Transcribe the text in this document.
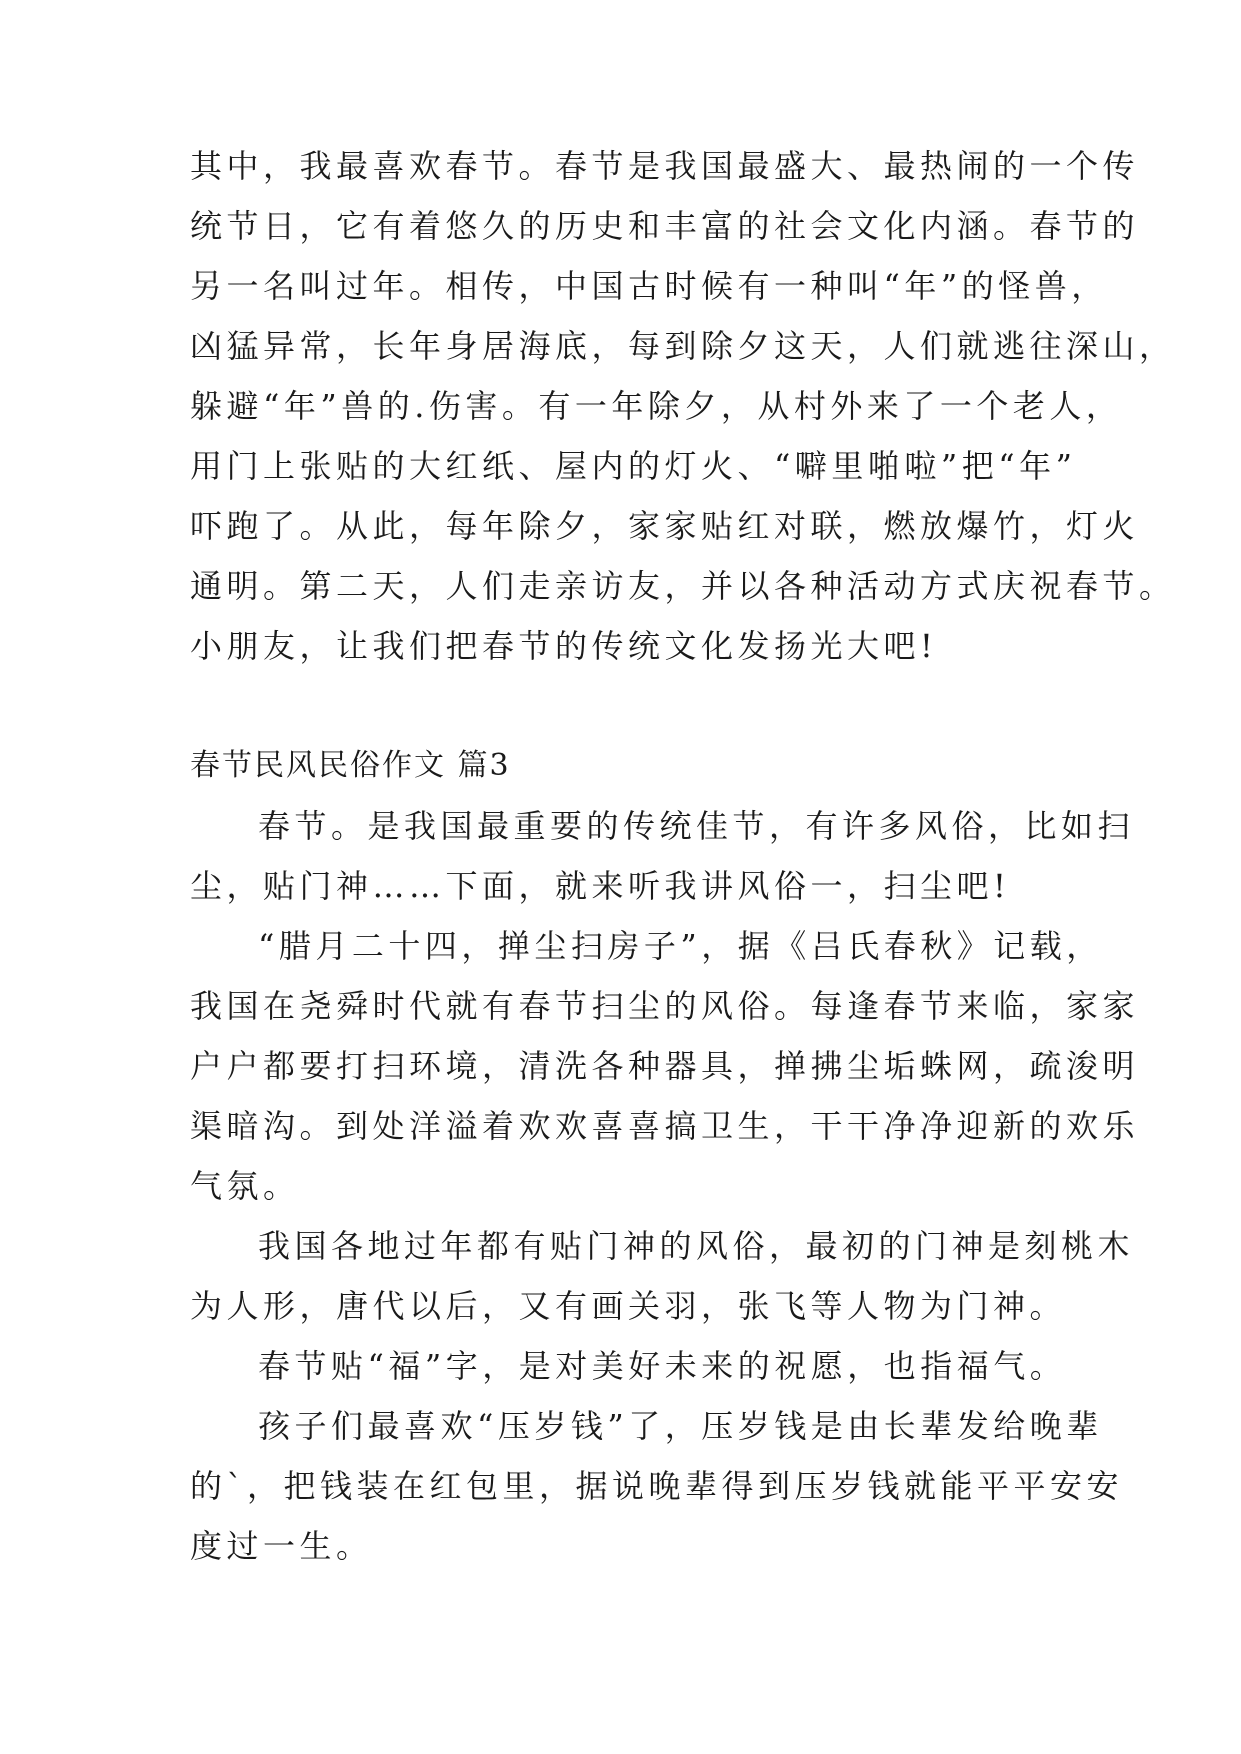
其中，我最喜欢春节。春节是我国最盛大、最热闹的一个传
统节日，它有着悠久的历史和丰富的社会文化内涵。春节的
另一名叫过年。相传，中国古时候有一种叫“年”的怪兽，
凶猛异常，长年身居海底，每到除夕这天，人们就逃往深山，
躲避“年”兽的.伤害。有一年除夕，从村外来了一个老人，
用门上张贴的大红纸、屋内的灯火、“噼里啪啦”把“年”
吓跑了。从此，每年除夕，家家贴红对联，燃放爆竹，灯火
通明。第二天，人们走亲访友，并以各种活动方式庆祝春节。
小朋友，让我们把春节的传统文化发扬光大吧!
春节民风民俗作文 篇3
春节。是我国最重要的传统佳节，有许多风俗，比如扫
尘，贴门神……下面，就来听我讲风俗一，扫尘吧!
“腊月二十四，掸尘扫房子”，据《吕氏春秋》记载，
我国在尧舜时代就有春节扫尘的风俗。每逢春节来临，家家
户户都要打扫环境，清洗各种器具，掸拂尘垢蛛网，疏浚明
渠暗沟。到处洋溢着欢欢喜喜搞卫生，干干净净迎新的欢乐
气氛。
我国各地过年都有贴门神的风俗，最初的门神是刻桃木
为人形，唐代以后，又有画关羽，张飞等人物为门神。
春节贴“福”字，是对美好未来的祝愿，也指福气。
孩子们最喜欢“压岁钱”了，压岁钱是由长辈发给晚辈
的`，把钱装在红包里，据说晚辈得到压岁钱就能平平安安
度过一生。
